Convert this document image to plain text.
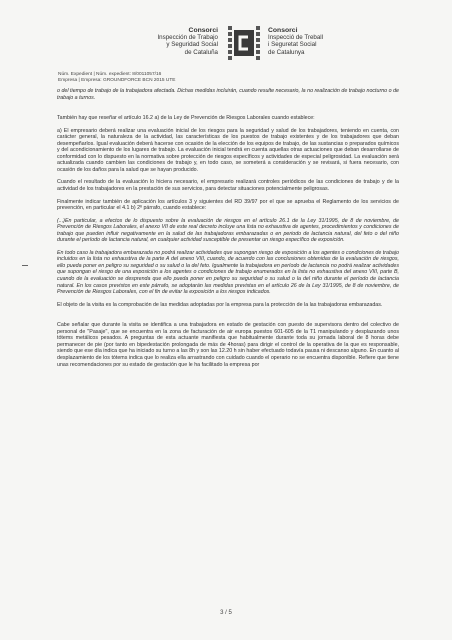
Consorci
Inspección de Trabajo
y Seguridad Social
de Cataluña
Consorci
Inspecció de Treball
i Seguretat Social
de Catalunya
Núm. Expedient | Núm. expedient: 8/0011057/16
Empresa | Empresa: GROUNDFORCE BCN 2015 UTE

o del tiempo de trabajo de la trabajadora afectada. Dichas medidas incluirán, cuando resulte necesario, la no realización de trabajo nocturno o de trabajo a turnos.

También hay que reseñar el artículo 16.2 a) de la Ley de Prevención de Riesgos Laborales cuando establece:

a) El empresario deberá realizar una evaluación inicial de los riesgos para la seguridad y salud de los trabajadores, teniendo en cuenta, con carácter general, la naturaleza de la actividad, las características de los puestos de trabajo existentes y de los trabajadores que deban desempeñarlos. Igual evaluación deberá hacerse con ocasión de la elección de los equipos de trabajo, de las sustancias o preparados químicos y del acondicionamiento de los lugares de trabajo. La evaluación inicial tendrá en cuenta aquellas otras actuaciones que deban desarrollarse de conformidad con lo dispuesto en la normativa sobre protección de riesgos específicos y actividades de especial peligrosidad. La evaluación será actualizada cuando cambien las condiciones de trabajo y, en todo caso, se someterá a consideración y se revisará, si fuera necesario, con ocasión de los daños para la salud que se hayan producido.

Cuando el resultado de la evaluación lo hiciera necesario, el empresario realizará controles periódicos de las condiciones de trabajo y de la actividad de los trabajadores en la prestación de sus servicios, para detectar situaciones potencialmente peligrosas.

Finalmente indicar también de aplicación los artículos 3 y siguientes del RD 39/97 por el que se aprueba el Reglamento de los servicios de prevención, en particular el 4.1 b) 2º párrafo, cuando establece:

(...)En particular, a efectos de lo dispuesto sobre la evaluación de riesgos en el artículo 26.1 de la Ley 31/1995, de 8 de noviembre, de Prevención de Riesgos Laborales, el anexo VII de este real decreto incluye una lista no exhaustiva de agentes, procedimientos y condiciones de trabajo que pueden influir negativamente en la salud de las trabajadoras embarazadas o en periodo de lactancia natural, del feto o del niño durante el período de lactancia natural, en cualquier actividad susceptible de presentar un riesgo específico de exposición.

En todo caso la trabajadora embarazada no podrá realizar actividades que supongan riesgo de exposición a los agentes o condiciones de trabajo incluidos en la lista no exhaustiva de la parte A del anexo VIII, cuando, de acuerdo con las conclusiones obtenidas de la evaluación de riesgos, ello pueda poner en peligro su seguridad o su salud o la del feto. Igualmente la trabajadora en período de lactancia no podrá realizar actividades que supongan el riesgo de una exposición a los agentes o condiciones de trabajo enumerados en la lista no exhaustiva del anexo VIII, parte B, cuando de la evaluación se desprenda que ello pueda poner en peligro su seguridad o su salud o la del niño durante el período de lactancia natural. En los casos previstos en este párrafo, se adoptarán las medidas previstas en el artículo 26 de la Ley 31/1995, de 8 de noviembre, de Prevención de Riesgos Laborales, con el fin de evitar la exposición a los riesgos indicados.

El objeto de la visita es la comprobación de las medidas adoptadas por la empresa para la protección de la las trabajadoras embarazadas.

Cabe señalar que durante la visita se identifica a una trabajadora en estado de gestación con puesto de supervisora dentro del colectivo de personal de "Pasaje", que se encuentra en la zona de facturación de air europa puestos 601-605 de la T1 manipulando y desplazando unos tótems metálicos pesados. A preguntas de esta actuante manifiesta que habitualmente durante toda su jornada laboral de 8 horas debe permanecer de pie (por tanto en bipedestación prolongada de más de 4horas) para dirigir el control de la operativa de la que es responsable, siendo que ese día indica que ha iniciado su turno a las 8h y son las 12.20 h sin haber efectuado todavía pausa ni descanso alguno. En cuanto al desplazamiento de los tótems indica que lo realiza ella arrastrando con cuidado cuando el operario no se encuentra disponible. Refiere que tiene unas recomendaciones por su estado de gestación que le ha facilitado la empresa por

3 / 5
